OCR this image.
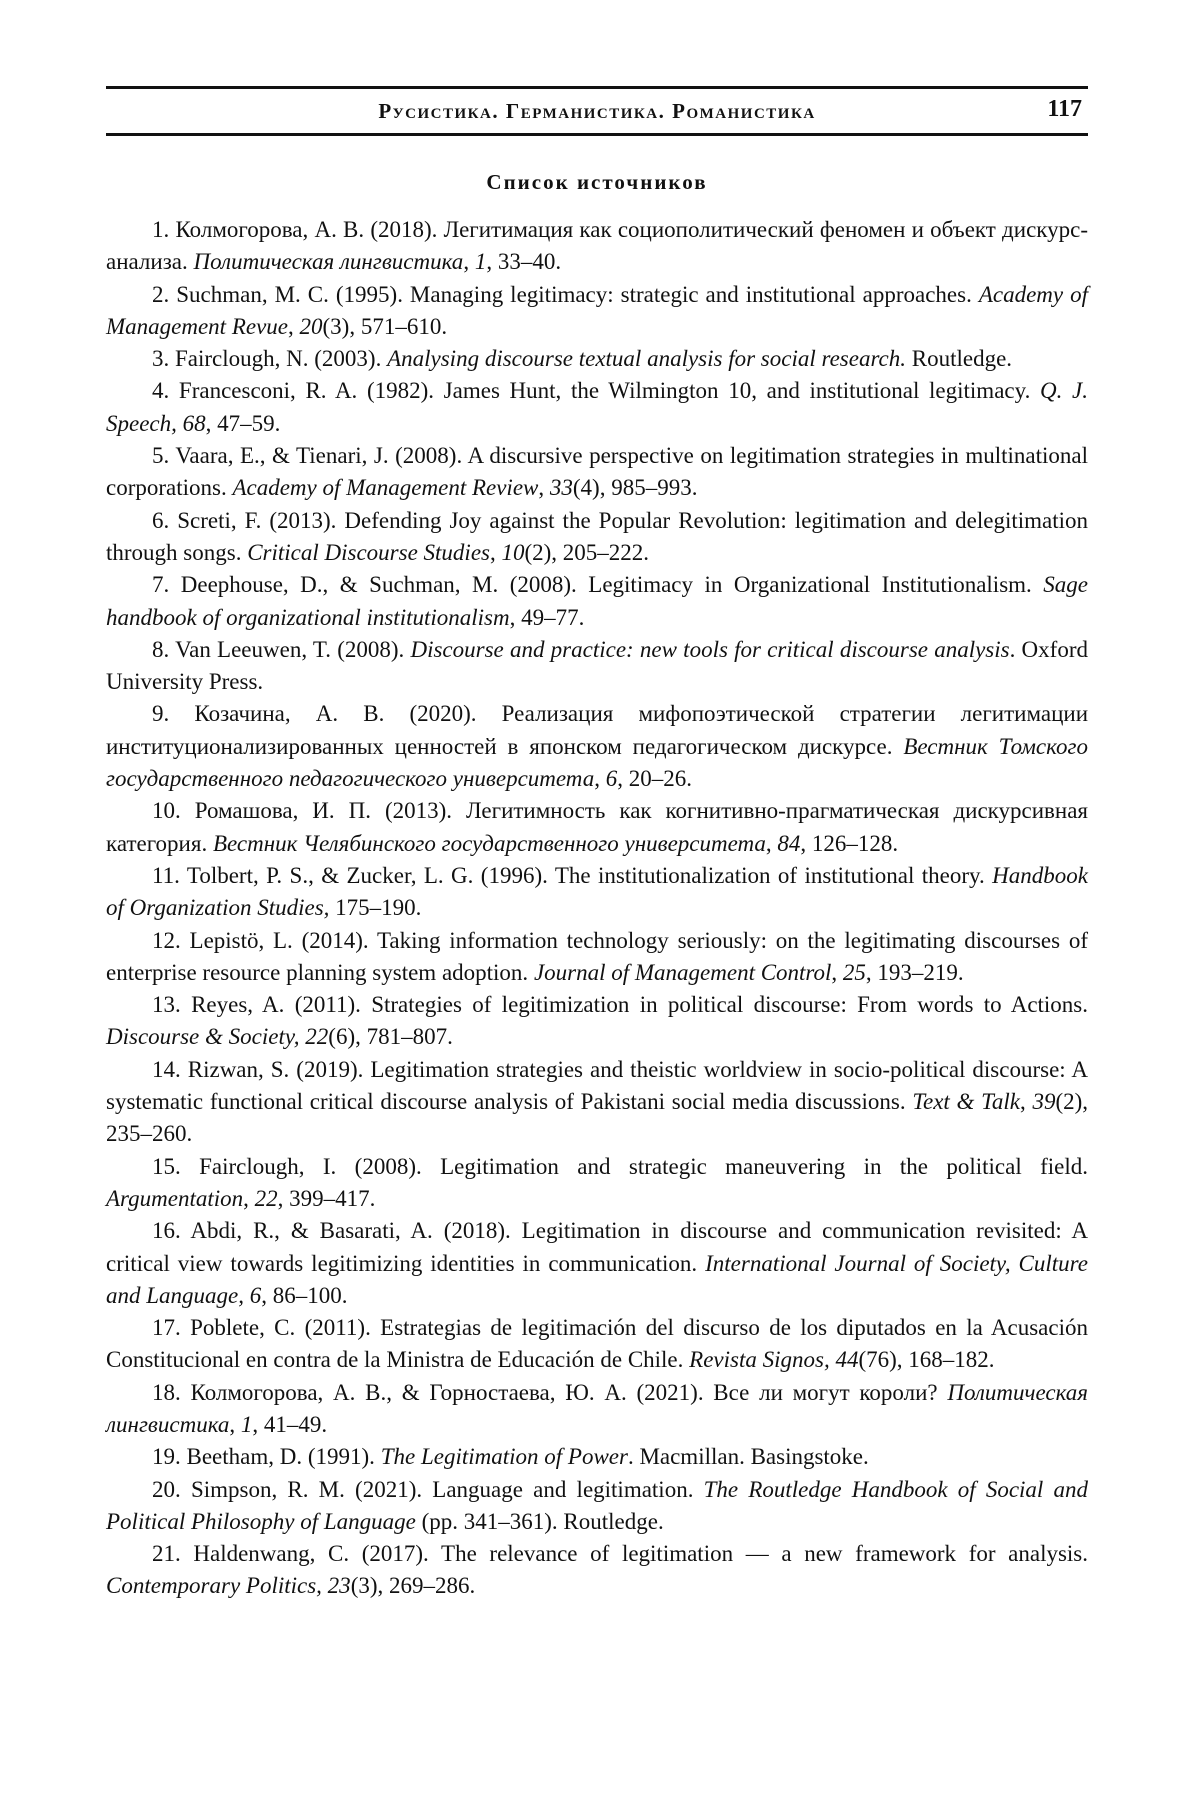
Русистика. Германистика. Романистика	117
Список источников

1. Колмогорова, А. В. (2018). Легитимация как социополитический феномен и объект дискурс-анализа. Политическая лингвистика, 1, 33–40.

2. Suchman, M. C. (1995). Managing legitimacy: strategic and institutional approaches. Academy of Management Revue, 20(3), 571–610.

3. Fairclough, N. (2003). Analysing discourse textual analysis for social research. Routledge.

4. Francesconi, R. A. (1982). James Hunt, the Wilmington 10, and institutional legitimacy. Q. J. Speech, 68, 47–59.

5. Vaara, E., & Tienari, J. (2008). A discursive perspective on legitimation strategies in multinational corporations. Academy of Management Review, 33(4), 985–993.

6. Screti, F. (2013). Defending Joy against the Popular Revolution: legitimation and delegitimation through songs. Critical Discourse Studies, 10(2), 205–222.

7. Deephouse, D., & Suchman, M. (2008). Legitimacy in Organizational Institutionalism. Sage handbook of organizational institutionalism, 49–77.

8. Van Leeuwen, T. (2008). Discourse and practice: new tools for critical discourse analysis. Oxford University Press.

9. Козачина, А. В. (2020). Реализация мифопоэтической стратегии легитимации институционализированных ценностей в японском педагогическом дискурсе. Вестник Томского государственного педагогического университета, 6, 20–26.

10. Ромашова, И. П. (2013). Легитимность как когнитивно-прагматическая дискурсивная категория. Вестник Челябинского государственного университета, 84, 126–128.

11. Tolbert, P. S., & Zucker, L. G. (1996). The institutionalization of institutional theory. Handbook of Organization Studies, 175–190.

12. Lepistö, L. (2014). Taking information technology seriously: on the legitimating discourses of enterprise resource planning system adoption. Journal of Management Control, 25, 193–219.

13. Reyes, A. (2011). Strategies of legitimization in political discourse: From words to Actions. Discourse & Society, 22(6), 781–807.

14. Rizwan, S. (2019). Legitimation strategies and theistic worldview in socio-political discourse: A systematic functional critical discourse analysis of Pakistani social media discussions. Text & Talk, 39(2), 235–260.

15. Fairclough, I. (2008). Legitimation and strategic maneuvering in the political field. Argumentation, 22, 399–417.

16. Abdi, R., & Basarati, A. (2018). Legitimation in discourse and communication revisited: A critical view towards legitimizing identities in communication. International Journal of Society, Culture and Language, 6, 86–100.

17. Poblete, C. (2011). Estrategias de legitimación del discurso de los diputados en la Acusación Constitucional en contra de la Ministra de Educación de Chile. Revista Signos, 44(76), 168–182.

18. Колмогорова, А. В., & Горностаева, Ю. А. (2021). Все ли могут короли? Политическая лингвистика, 1, 41–49.

19. Beetham, D. (1991). The Legitimation of Power. Macmillan. Basingstoke.

20. Simpson, R. M. (2021). Language and legitimation. The Routledge Handbook of Social and Political Philosophy of Language (pp. 341–361). Routledge.

21. Haldenwang, C. (2017). The relevance of legitimation — a new framework for analysis. Contemporary Politics, 23(3), 269–286.
